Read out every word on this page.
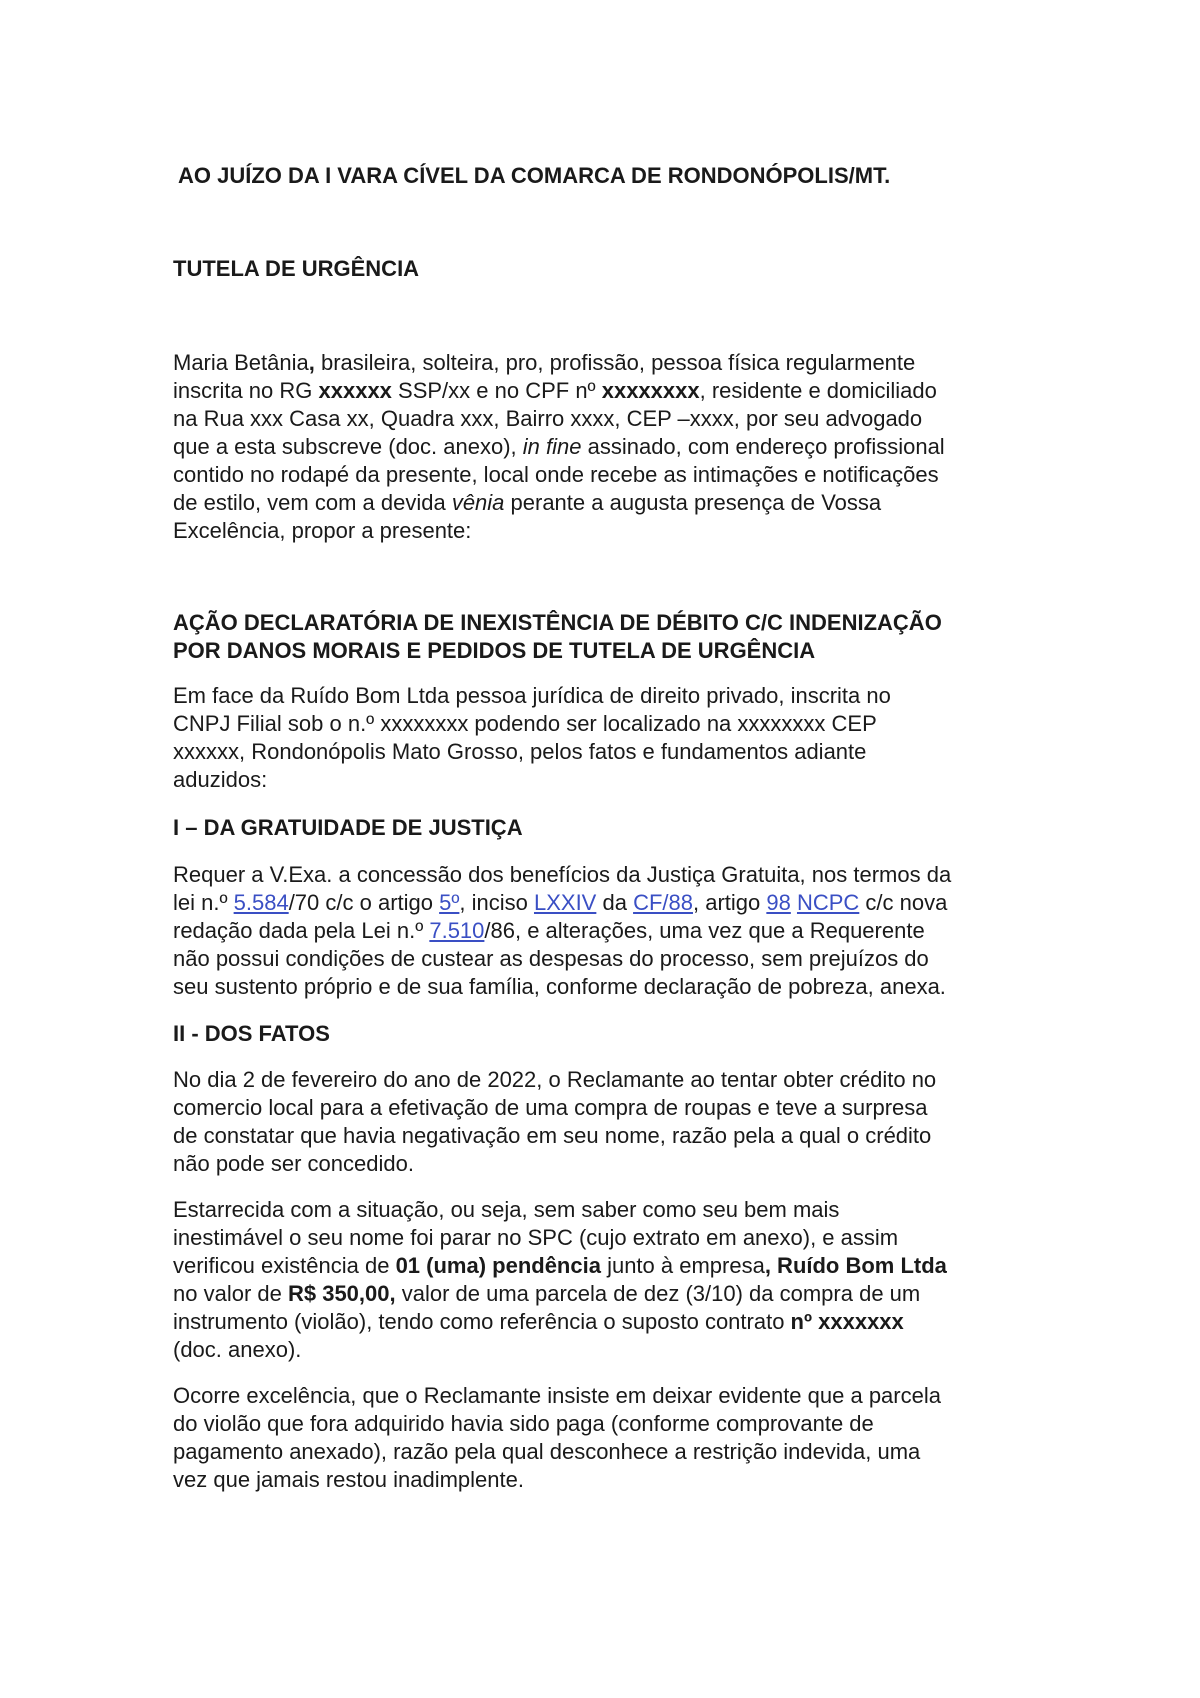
AO JUÍZO DA I VARA CÍVEL DA COMARCA DE RONDONÓPOLIS/MT.
TUTELA DE URGÊNCIA

Maria Betânia, brasileira, solteira, pro, profissão, pessoa física regularmente
inscrita no RG xxxxxx SSP/xx e no CPF nº xxxxxxxx, residente e domiciliado
na Rua xxx Casa xx, Quadra xxx, Bairro xxxx, CEP –xxxx, por seu advogado
que a esta subscreve (doc. anexo), in fine assinado, com endereço profissional
contido no rodapé da presente, local onde recebe as intimações e notificações
de estilo, vem com a devida vênia perante a augusta presença de Vossa
Excelência, propor a presente:

AÇÃO DECLARATÓRIA DE INEXISTÊNCIA DE DÉBITO C/C INDENIZAÇÃO
POR DANOS MORAIS E PEDIDOS DE TUTELA DE URGÊNCIA

Em face da Ruído Bom Ltda pessoa jurídica de direito privado, inscrita no
CNPJ Filial sob o n.º xxxxxxxx podendo ser localizado na xxxxxxxx CEP
xxxxxx, Rondonópolis Mato Grosso, pelos fatos e fundamentos adiante
aduzidos:

I – DA GRATUIDADE DE JUSTIÇA

Requer a V.Exa. a concessão dos benefícios da Justiça Gratuita, nos termos da
lei n.º 5.584/70 c/c o artigo 5º, inciso LXXIV da CF/88, artigo 98 NCPC c/c nova
redação dada pela Lei n.º 7.510/86, e alterações, uma vez que a Requerente
não possui condições de custear as despesas do processo, sem prejuízos do
seu sustento próprio e de sua família, conforme declaração de pobreza, anexa.

II - DOS FATOS

No dia 2 de fevereiro do ano de 2022, o Reclamante ao tentar obter crédito no
comercio local para a efetivação de uma compra de roupas e teve a surpresa
de constatar que havia negativação em seu nome, razão pela a qual o crédito
não pode ser concedido.

Estarrecida com a situação, ou seja, sem saber como seu bem mais
inestimável o seu nome foi parar no SPC (cujo extrato em anexo), e assim
verificou existência de 01 (uma) pendência junto à empresa, Ruído Bom Ltda
no valor de R$ 350,00, valor de uma parcela de dez (3/10) da compra de um
instrumento (violão), tendo como referência o suposto contrato nº xxxxxxx
(doc. anexo).

Ocorre excelência, que o Reclamante insiste em deixar evidente que a parcela
do violão que fora adquirido havia sido paga (conforme comprovante de
pagamento anexado), razão pela qual desconhece a restrição indevida, uma
vez que jamais restou inadimplente.
